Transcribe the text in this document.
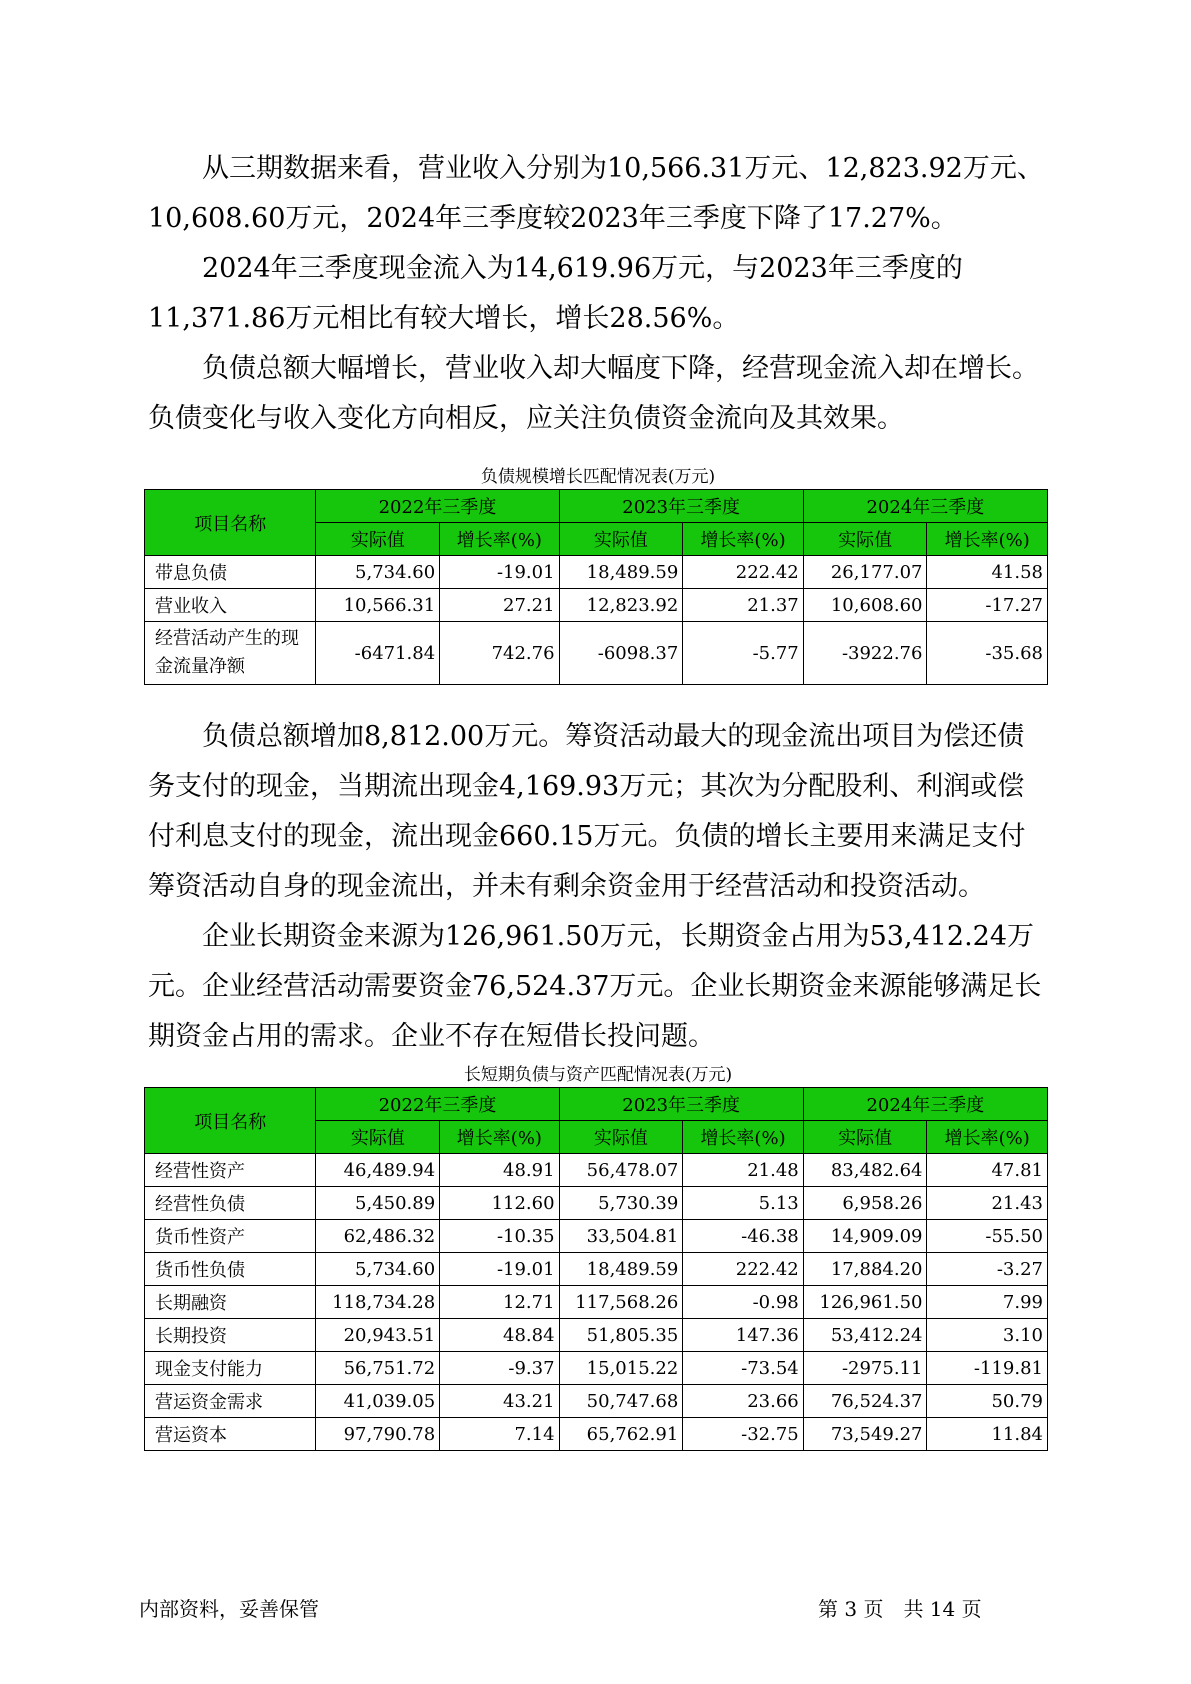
从三期数据来看，营业收入分别为10,566.31万元、12,823.92万元、10,608.60万元，2024年三季度较2023年三季度下降了17.27%。

2024年三季度现金流入为14,619.96万元，与2023年三季度的11,371.86万元相比有较大增长，增长28.56%。

负债总额大幅增长，营业收入却大幅度下降，经营现金流入却在增长。负债变化与收入变化方向相反，应关注负债资金流向及其效果。

负债规模增长匹配情况表(万元)
项目名称	2022年三季度		2023年三季度		2024年三季度	
	实际值	增长率(%)	实际值	增长率(%)	实际值	增长率(%)
带息负债	5,734.60	-19.01	18,489.59	222.42	26,177.07	41.58
营业收入	10,566.31	27.21	12,823.92	21.37	10,608.60	-17.27
经营活动产生的现金流量净额	-6471.84	742.76	-6098.37	-5.77	-3922.76	-35.68

负债总额增加8,812.00万元。筹资活动最大的现金流出项目为偿还债务支付的现金，当期流出现金4,169.93万元；其次为分配股利、利润或偿付利息支付的现金，流出现金660.15万元。负债的增长主要用来满足支付筹资活动自身的现金流出，并未有剩余资金用于经营活动和投资活动。

企业长期资金来源为126,961.50万元，长期资金占用为53,412.24万元。企业经营活动需要资金76,524.37万元。企业长期资金来源能够满足长期资金占用的需求。企业不存在短借长投问题。

长短期负债与资产匹配情况表(万元)
项目名称	2022年三季度		2023年三季度		2024年三季度	
	实际值	增长率(%)	实际值	增长率(%)	实际值	增长率(%)
经营性资产	46,489.94	48.91	56,478.07	21.48	83,482.64	47.81
经营性负债	5,450.89	112.60	5,730.39	5.13	6,958.26	21.43
货币性资产	62,486.32	-10.35	33,504.81	-46.38	14,909.09	-55.50
货币性负债	5,734.60	-19.01	18,489.59	222.42	17,884.20	-3.27
长期融资	118,734.28	12.71	117,568.26	-0.98	126,961.50	7.99
长期投资	20,943.51	48.84	51,805.35	147.36	53,412.24	3.10
现金支付能力	56,751.72	-9.37	15,015.22	-73.54	-2975.11	-119.81
营运资金需求	41,039.05	43.21	50,747.68	23.66	76,524.37	50.79
营运资本	97,790.78	7.14	65,762.91	-32.75	73,549.27	11.84
内部资料，妥善保管	第 3 页　共 14 页
